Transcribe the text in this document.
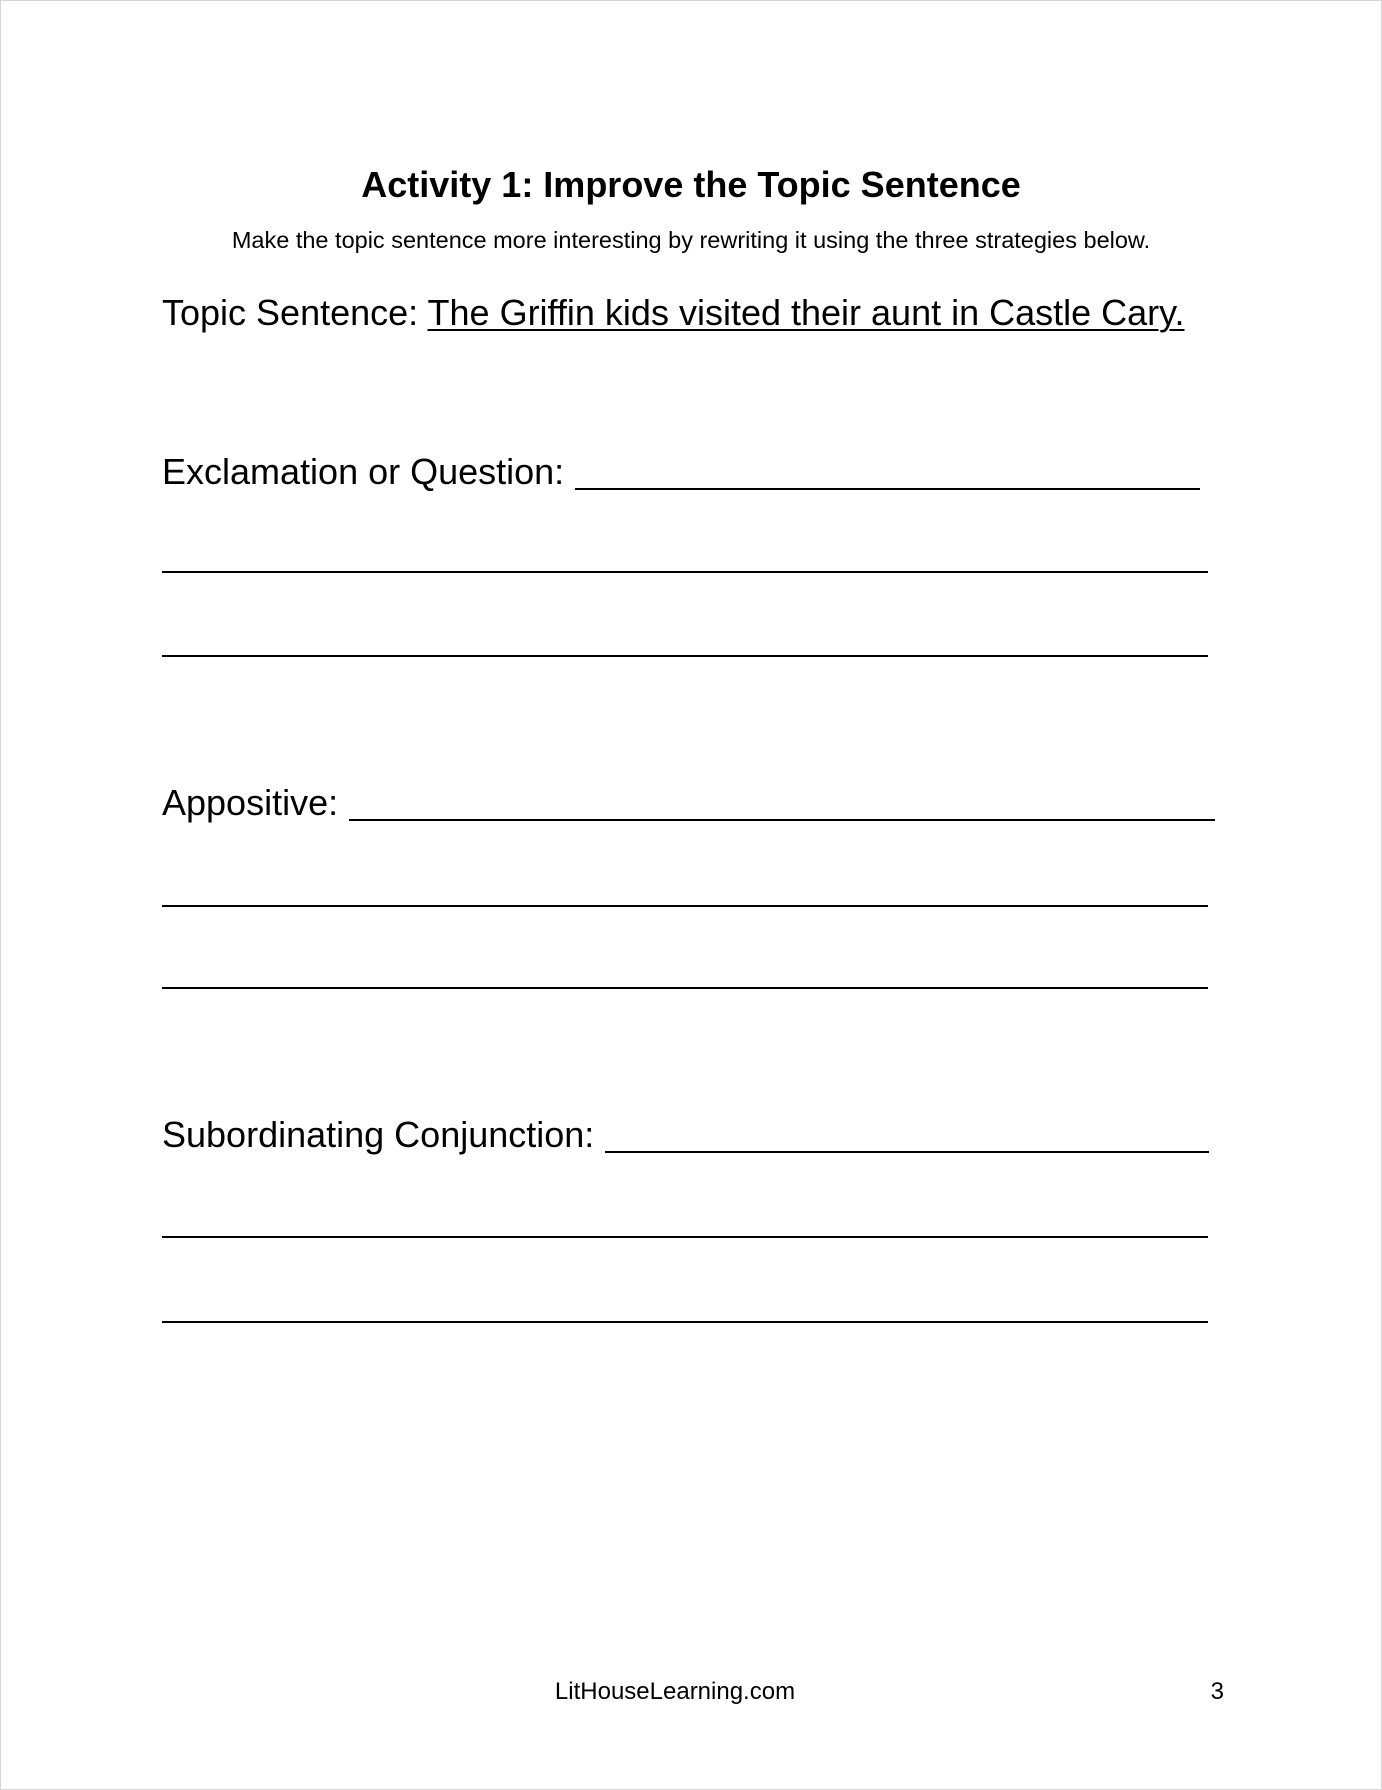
Activity 1: Improve the Topic Sentence

Make the topic sentence more interesting by rewriting it using the three strategies below.

Topic Sentence: The Griffin kids visited their aunt in Castle Cary.
Exclamation or Question:
Appositive:
Subordinating Conjunction:
LitHouseLearning.com	3
